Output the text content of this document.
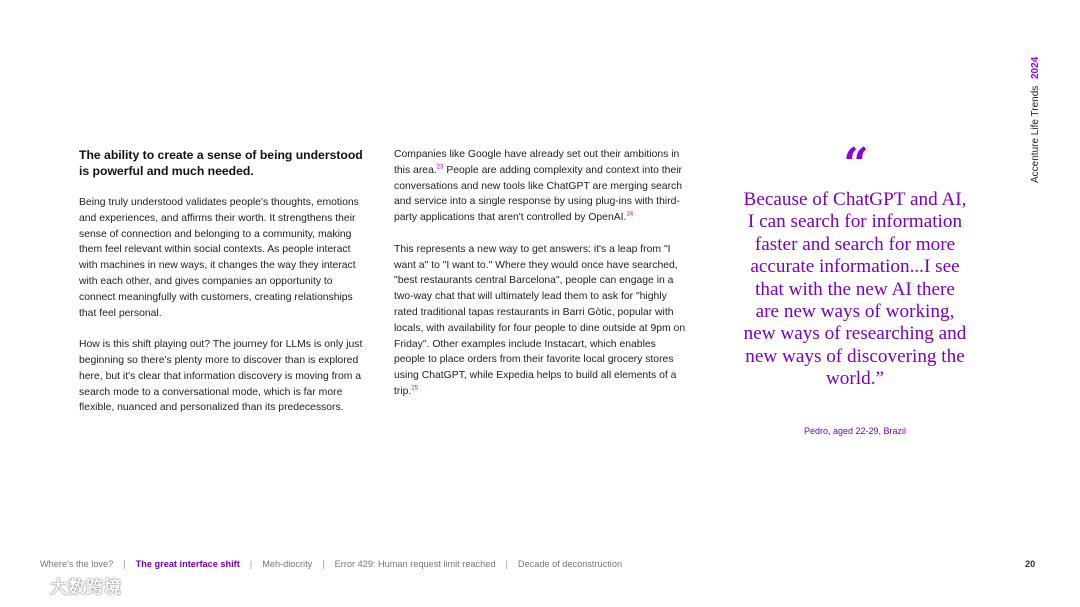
Accenture Life Trends 2024

The ability to create a sense of being understood is powerful and much needed.

Being truly understood validates people's thoughts, emotions and experiences, and affirms their worth. It strengthens their sense of connection and belonging to a community, making them feel relevant within social contexts. As people interact with machines in new ways, it changes the way they interact with each other, and gives companies an opportunity to connect meaningfully with customers, creating relationships that feel personal.

How is this shift playing out? The journey for LLMs is only just beginning so there's plenty more to discover than is explored here, but it's clear that information discovery is moving from a search mode to a conversational mode, which is far more flexible, nuanced and personalized than its predecessors.

Companies like Google have already set out their ambitions in this area.$^{23}$ People are adding complexity and context into their conversations and new tools like ChatGPT are merging search and service into a single response by using plug-ins with third-party applications that aren't controlled by OpenAI.$^{24}$

This represents a new way to get answers: it's a leap from "I want a" to "I want to." Where they would once have searched, "best restaurants central Barcelona", people can engage in a two-way chat that will ultimately lead them to ask for "highly rated traditional tapas restaurants in Barri Gòtic, popular with locals, with availability for four people to dine outside at 9pm on Friday". Other examples include Instacart, which enables people to place orders from their favorite local grocery stores using ChatGPT, while Expedia helps to build all elements of a trip.$^{25}$

“
Because of ChatGPT and AI, I can search for information faster and search for more accurate information...I see that with the new AI there are new ways of working, new ways of researching and new ways of discovering the world.”
Pedro, aged 22-29, Brazil
Where's the love? | The great interface shift | Meh-diocrity | Error 429: Human request limit reached | Decade of deconstruction	20
大数跨境
